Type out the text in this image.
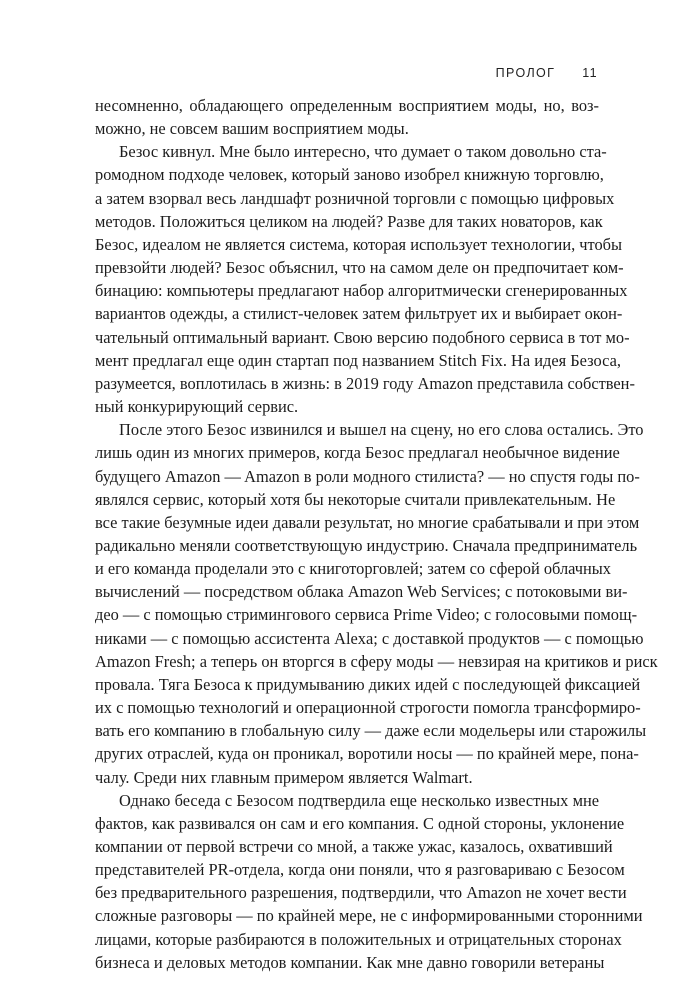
ПРОЛОГ 11
несомненно, обладающего определенным восприятием моды, но, воз-
можно, не совсем вашим восприятием моды.
Безос кивнул. Мне было интересно, что думает о таком довольно ста-
ромодном подходе человек, который заново изобрел книжную торговлю,
а затем взорвал весь ландшафт розничной торговли с помощью цифровых
методов. Положиться целиком на людей? Разве для таких новаторов, как
Безос, идеалом не является система, которая использует технологии, чтобы
превзойти людей? Безос объяснил, что на самом деле он предпочитает ком-
бинацию: компьютеры предлагают набор алгоритмически сгенерированных
вариантов одежды, а стилист-человек затем фильтрует их и выбирает окон-
чательный оптимальный вариант. Свою версию подобного сервиса в тот мо-
мент предлагал еще один стартап под названием Stitch Fix. На идея Безоса,
разумеется, воплотилась в жизнь: в 2019 году Amazon представила собствен-
ный конкурирующий сервис.
После этого Безос извинился и вышел на сцену, но его слова остались. Это
лишь один из многих примеров, когда Безос предлагал необычное видение
будущего Amazon — Amazon в роли модного стилиста? — но спустя годы по-
являлся сервис, который хотя бы некоторые считали привлекательным. Не
все такие безумные идеи давали результат, но многие срабатывали и при этом
радикально меняли соответствующую индустрию. Сначала предприниматель
и его команда проделали это с книготорговлей; затем со сферой облачных
вычислений — посредством облака Amazon Web Services; с потоковыми ви-
део — с помощью стримингового сервиса Prime Video; с голосовыми помощ-
никами — с помощью ассистента Alexa; с доставкой продуктов — с помощью
Amazon Fresh; а теперь он вторгся в сферу моды — невзирая на критиков и риск
провала. Тяга Безоса к придумыванию диких идей с последующей фиксацией
их с помощью технологий и операционной строгости помогла трансформиро-
вать его компанию в глобальную силу — даже если модельеры или старожилы
других отраслей, куда он проникал, воротили носы — по крайней мере, пона-
чалу. Среди них главным примером является Walmart.
Однако беседа с Безосом подтвердила еще несколько известных мне
фактов, как развивался он сам и его компания. С одной стороны, уклонение
компании от первой встречи со мной, а также ужас, казалось, охвативший
представителей PR-отдела, когда они поняли, что я разговариваю с Безосом
без предварительного разрешения, подтвердили, что Amazon не хочет вести
сложные разговоры — по крайней мере, не с информированными сторонними
лицами, которые разбираются в положительных и отрицательных сторонах
бизнеса и деловых методов компании. Как мне давно говорили ветераны
